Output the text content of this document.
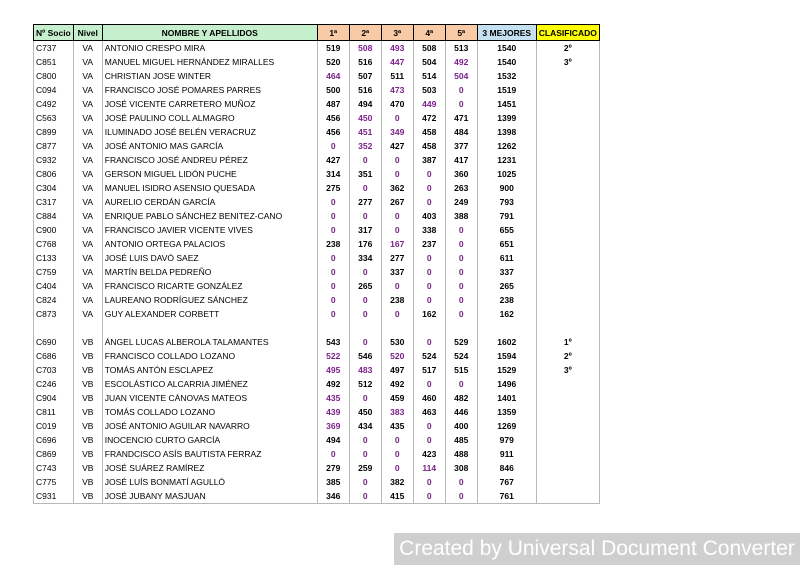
Nº Socio	Nivel	NOMBRE Y APELLIDOS	1ª	2ª	3ª	4ª	5ª	3 MEJORES	CLASIFICADO
C737	VA	ANTONIO CRESPO MIRA	519	508	493	508	513	1540	2º
C851	VA	MANUEL MIGUEL HERNÁNDEZ MIRALLES	520	516	447	504	492	1540	3º
C800	VA	CHRISTIAN JOSE WINTER	464	507	511	514	504	1532	
C094	VA	FRANCISCO JOSÉ POMARES PARRES	500	516	473	503	0	1519	
C492	VA	JOSÉ VICENTE CARRETERO MUÑOZ	487	494	470	449	0	1451	
C563	VA	JOSÉ PAULINO COLL ALMAGRO	456	450	0	472	471	1399	
C899	VA	ILUMINADO JOSÉ BELÉN VERACRUZ	456	451	349	458	484	1398	
C877	VA	JOSÉ ANTONIO MAS GARCÍA	0	352	427	458	377	1262	
C932	VA	FRANCISCO JOSÉ ANDREU PÉREZ	427	0	0	387	417	1231	
C806	VA	GERSON MIGUEL LIDÓN PUCHE	314	351	0	0	360	1025	
C304	VA	MANUEL ISIDRO ASENSIO QUESADA	275	0	362	0	263	900	
C317	VA	AURELIO CERDÁN GARCÍA	0	277	267	0	249	793	
C884	VA	ENRIQUE PABLO SÁNCHEZ BENITEZ-CANO	0	0	0	403	388	791	
C900	VA	FRANCISCO JAVIER VICENTE VIVES	0	317	0	338	0	655	
C768	VA	ANTONIO ORTEGA PALACIOS	238	176	167	237	0	651	
C133	VA	JOSÉ LUIS DAVÓ SAEZ	0	334	277	0	0	611	
C759	VA	MARTÍN BELDA PEDREÑO	0	0	337	0	0	337	
C404	VA	FRANCISCO RICARTE GONZÁLEZ	0	265	0	0	0	265	
C824	VA	LAUREANO RODRÍGUEZ SÁNCHEZ	0	0	238	0	0	238	
C873	VA	GUY ALEXANDER CORBETT	0	0	0	162	0	162	

C690	VB	ÁNGEL LUCAS ALBEROLA TALAMANTES	543	0	530	0	529	1602	1º
C686	VB	FRANCISCO COLLADO LOZANO	522	546	520	524	524	1594	2º
C703	VB	TOMÁS ANTÓN ESCLAPEZ	495	483	497	517	515	1529	3º
C246	VB	ESCOLÁSTICO ALCARRIA JIMÉNEZ	492	512	492	0	0	1496	
C904	VB	JUAN VICENTE CÁNOVAS MATEOS	435	0	459	460	482	1401	
C811	VB	TOMÁS COLLADO LOZANO	439	450	383	463	446	1359	
C019	VB	JOSÉ ANTONIO AGUILAR NAVARRO	369	434	435	0	400	1269	
C696	VB	INOCENCIO CURTO GARCÍA	494	0	0	0	485	979	
C869	VB	FRANDCISCO ASÍS BAUTISTA FERRAZ	0	0	0	423	488	911	
C743	VB	JOSÉ SUÁREZ RAMÍREZ	279	259	0	114	308	846	
C775	VB	JOSÉ LUÍS BONMATÍ AGULLÓ	385	0	382	0	0	767	
C931	VB	JOSÉ JUBANY MASJUAN	346	0	415	0	0	761	
Created by Universal Document Converter
